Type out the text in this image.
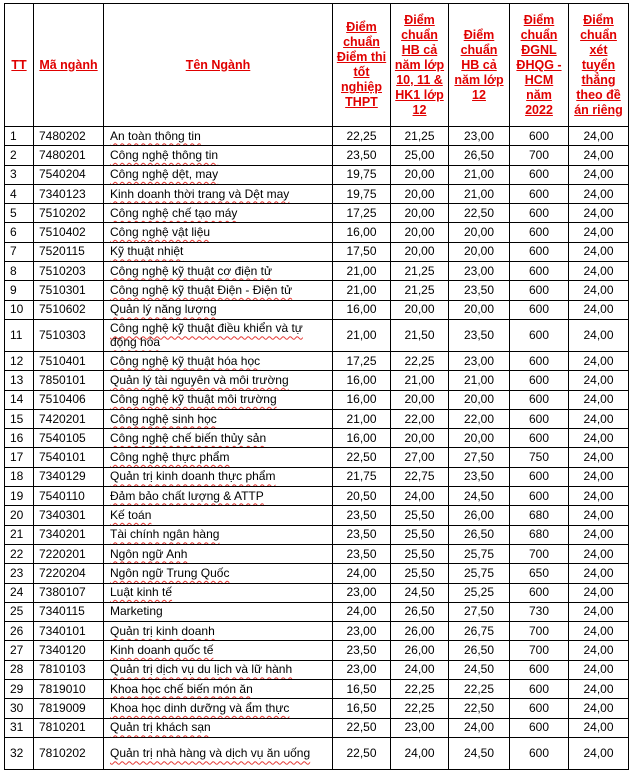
TT	Mã ngành	Tên Ngành	Điểm chuẩn Điểm thi tốt nghiệp THPT	Điểm chuẩn HB cả năm lớp 10, 11 & HK1 lớp 12	Điểm chuẩn HB cả năm lớp 12	Điểm chuẩn ĐGNL ĐHQG -HCM năm 2022	Điểm chuẩn xét tuyển thẳng theo đề án riêng
1	7480202	An toàn thông tin	22,25	21,25	23,00	600	24,00
2	7480201	Công nghệ thông tin	23,50	25,00	26,50	700	24,00
3	7540204	Công nghệ dệt, may	19,75	20,00	21,00	600	24,00
4	7340123	Kinh doanh thời trang và Dệt may	19,75	20,00	21,00	600	24,00
5	7510202	Công nghệ chế tạo máy	17,25	20,00	22,50	600	24,00
6	7510402	Công nghệ vật liệu	16,00	20,00	20,00	600	24,00
7	7520115	Kỹ thuật nhiệt	17,50	20,00	20,00	600	24,00
8	7510203	Công nghệ kỹ thuật cơ điện tử	21,00	21,25	23,00	600	24,00
9	7510301	Công nghệ kỹ thuật Điện - Điện tử	21,00	21,25	23,50	600	24,00
10	7510602	Quản lý năng lượng	16,00	20,00	20,00	600	24,00
11	7510303	Công nghệ kỹ thuật điều khiển và tự động hóa	21,00	21,50	23,50	600	24,00
12	7510401	Công nghệ kỹ thuật hóa học	17,25	22,25	23,00	600	24,00
13	7850101	Quản lý tài nguyên và môi trường	16,00	21,00	21,00	600	24,00
14	7510406	Công nghệ kỹ thuật môi trường	16,00	20,00	20,00	600	24,00
15	7420201	Công nghệ sinh học	21,00	22,00	22,00	600	24,00
16	7540105	Công nghệ chế biến thủy sản	16,00	20,00	20,00	600	24,00
17	7540101	Công nghệ thực phẩm	22,50	27,00	27,50	750	24,00
18	7340129	Quản trị kinh doanh thực phẩm	21,75	22,75	23,50	600	24,00
19	7540110	Đảm bảo chất lượng & ATTP	20,50	24,00	24,50	600	24,00
20	7340301	Kế toán	23,50	25,50	26,00	680	24,00
21	7340201	Tài chính ngân hàng	23,50	25,50	26,50	680	24,00
22	7220201	Ngôn ngữ Anh	23,50	25,50	25,75	700	24,00
23	7220204	Ngôn ngữ Trung Quốc	24,00	25,50	25,75	650	24,00
24	7380107	Luật kinh tế	23,00	24,50	25,25	600	24,00
25	7340115	Marketing	24,00	26,50	27,50	730	24,00
26	7340101	Quản trị kinh doanh	23,00	26,00	26,75	700	24,00
27	7340120	Kinh doanh quốc tế	23,50	26,00	26,50	700	24,00
28	7810103	Quản trị dịch vụ du lịch và lữ hành	23,00	24,00	24,50	600	24,00
29	7819010	Khoa học chế biến món ăn	16,50	22,25	22,25	600	24,00
30	7819009	Khoa học dinh dưỡng và ẩm thực	16,50	22,25	22,50	600	24,00
31	7810201	Quản trị khách sạn	22,50	23,00	24,00	600	24,00
32	7810202	Quản trị nhà hàng và dịch vụ ăn uống	22,50	24,00	24,50	600	24,00
